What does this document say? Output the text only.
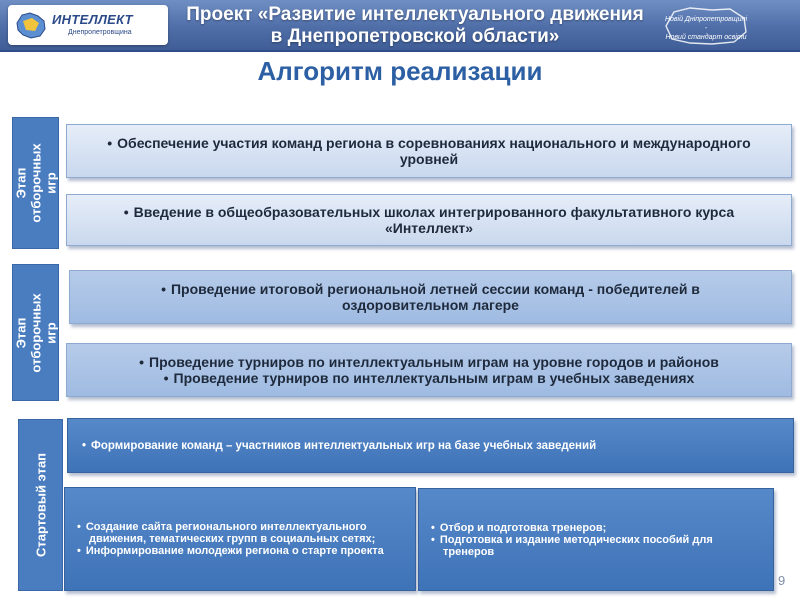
ИНТЕЛЛЕКТ
Днепропетровщина
Проект «Развитие интеллектуального движения
в Днепропетровской области»
Новій Дніпропетровщині -
Новий стандарт освіти
Алгоритм реализации
Этап отборочных игр
Этап отборочных игр
Стартовый этап
• Обеспечение участия команд региона в соревнованиях национального и международного уровней
• Введение в общеобразовательных школах интегрированного факультативного курса «Интеллект»
• Проведение итоговой региональной летней сессии команд - победителей в оздоровительном лагере
• Проведение турниров по интеллектуальным играм на уровне городов и районов
• Проведение турниров по интеллектуальным играм в учебных заведениях
• Формирование команд – участников интеллектуальных игр на базе учебных заведений
• Создание сайта регионального интеллектуального движения, тематических групп в социальных сетях;
• Информирование молодежи региона о старте проекта
• Отбор и подготовка тренеров;
• Подготовка и издание методических пособий для тренеров
9
